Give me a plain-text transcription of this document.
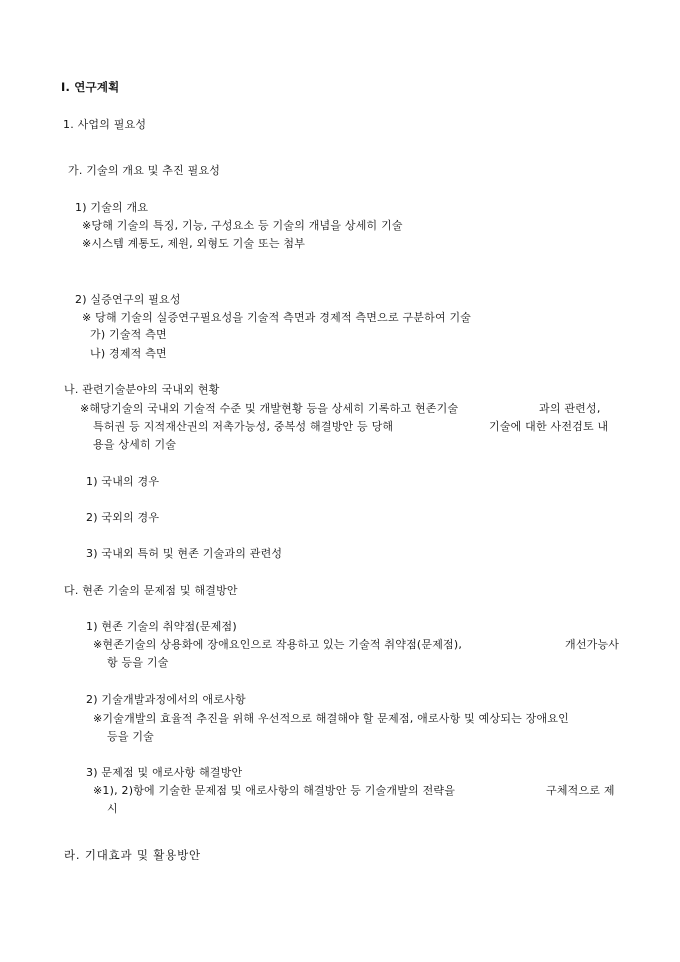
I. 연구계획
1. 사업의 필요성
가. 기술의 개요 및 추진 필요성
1) 기술의 개요
※당해 기술의 특징, 기능, 구성요소 등 기술의 개념을 상세히 기술
※시스템 계통도, 제원, 외형도 기술 또는 첨부
2) 실증연구의 필요성
※ 당해 기술의 실증연구필요성을 기술적 측면과 경제적 측면으로 구분하여 기술
가) 기술적 측면
나) 경제적 측면
나. 관련기술분야의 국내외 현황
※해당기술의 국내외 기술적 수준 및 개발현황 등을 상세히 기록하고 현존기술	과의 관련성,
특허권 등 지적재산권의 저촉가능성, 중복성 해결방안 등 당해	기술에 대한 사전검토 내
용을 상세히 기술
1) 국내의 경우
2) 국외의 경우
3) 국내외 특허 및 현존 기술과의 관련성
다. 현존 기술의 문제점 및 해결방안
1) 현존 기술의 취약점(문제점)
※현존기술의 상용화에 장애요인으로 작용하고 있는 기술적 취약점(문제점),	개선가능사
항 등을 기술
2) 기술개발과정에서의 애로사항
※기술개발의 효율적 추진을 위해 우선적으로 해결해야 할 문제점, 애로사항 및 예상되는 장애요인
등을 기술
3) 문제점 및 애로사항 해결방안
※1), 2)항에 기술한 문제점 및 애로사항의 해결방안 등 기술개발의 전략을	구체적으로 제
시
라. 기대효과 및 활용방안
